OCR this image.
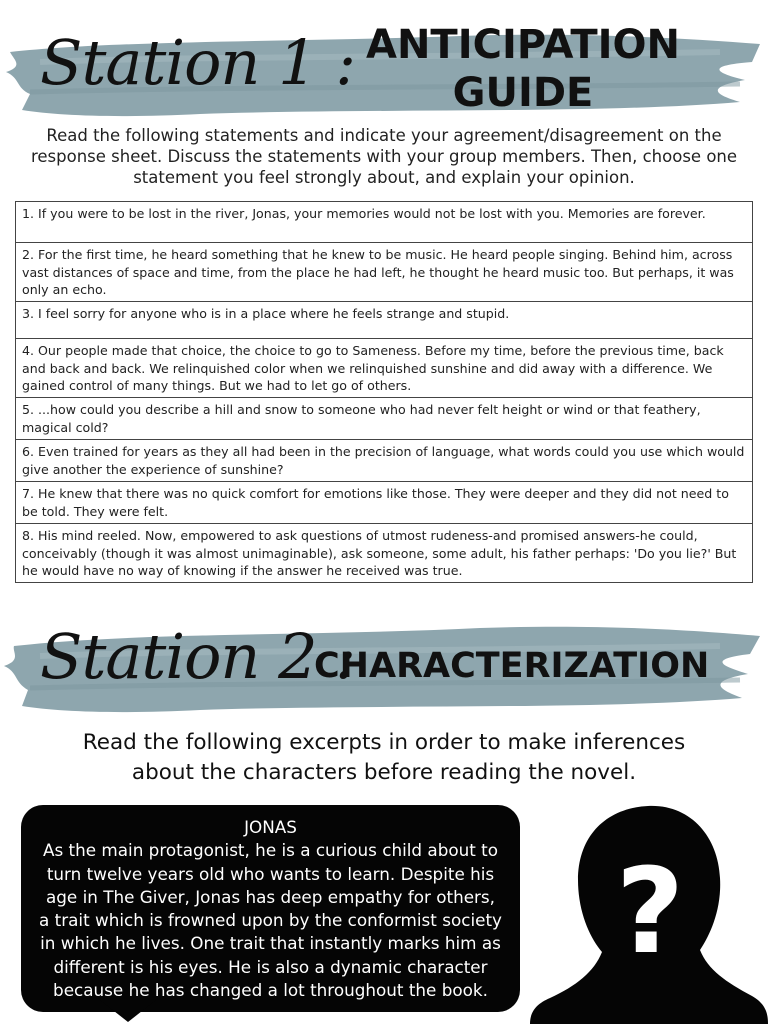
Station 1 : ANTICIPATION
GUIDE
Read the following statements and indicate your agreement/disagreement on the response sheet. Discuss the statements with your group members. Then, choose one statement you feel strongly about, and explain your opinion.
1. If you were to be lost in the river, Jonas, your memories would not be lost with you. Memories are forever.
2. For the first time, he heard something that he knew to be music. He heard people singing. Behind him, across vast distances of space and time, from the place he had left, he thought he heard music too. But perhaps, it was only an echo.
3. I feel sorry for anyone who is in a place where he feels strange and stupid.
4. Our people made that choice, the choice to go to Sameness. Before my time, before the previous time, back and back and back. We relinquished color when we relinquished sunshine and did away with a difference. We gained control of many things. But we had to let go of others.
5. ...how could you describe a hill and snow to someone who had never felt height or wind or that feathery, magical cold?
6. Even trained for years as they all had been in the precision of language, what words could you use which would give another the experience of sunshine?
7. He knew that there was no quick comfort for emotions like those. They were deeper and they did not need to be told. They were felt.
8. His mind reeled. Now, empowered to ask questions of utmost rudeness-and promised answers-he could, conceivably (though it was almost unimaginable), ask someone, some adult, his father perhaps: 'Do you lie?' But he would have no way of knowing if the answer he received was true.
Station 2 :
CHARACTERIZATION
Read the following excerpts in order to make inferences
about the characters before reading the novel.
JONAS
As the main protagonist, he is a curious child about to
turn twelve years old who wants to learn. Despite his
age in The Giver, Jonas has deep empathy for others,
a trait which is frowned upon by the conformist society
in which he lives. One trait that instantly marks him as
different is his eyes. He is also a dynamic character
because he has changed a lot throughout the book.
?
